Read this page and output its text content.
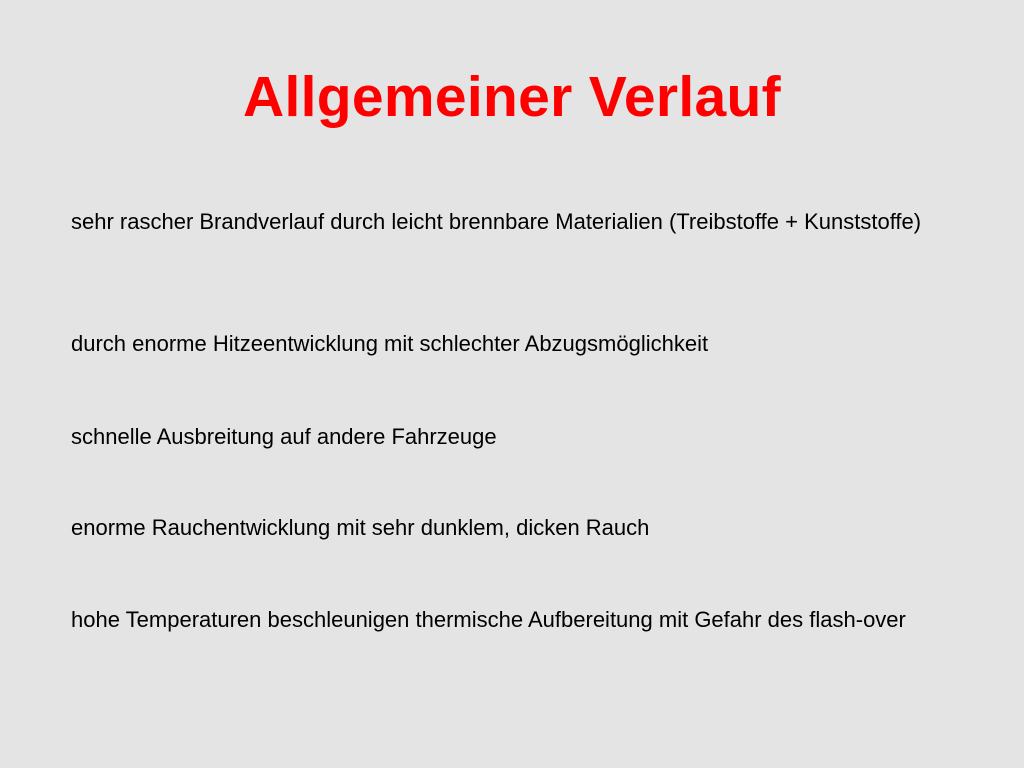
Allgemeiner Verlauf

sehr rascher Brandverlauf durch leicht brennbare Materialien (Treibstoffe + Kunststoffe)

durch enorme Hitzeentwicklung mit schlechter Abzugsmöglichkeit

schnelle Ausbreitung auf andere Fahrzeuge

enorme Rauchentwicklung mit sehr dunklem, dicken Rauch

hohe Temperaturen beschleunigen thermische Aufbereitung mit Gefahr des flash-over
